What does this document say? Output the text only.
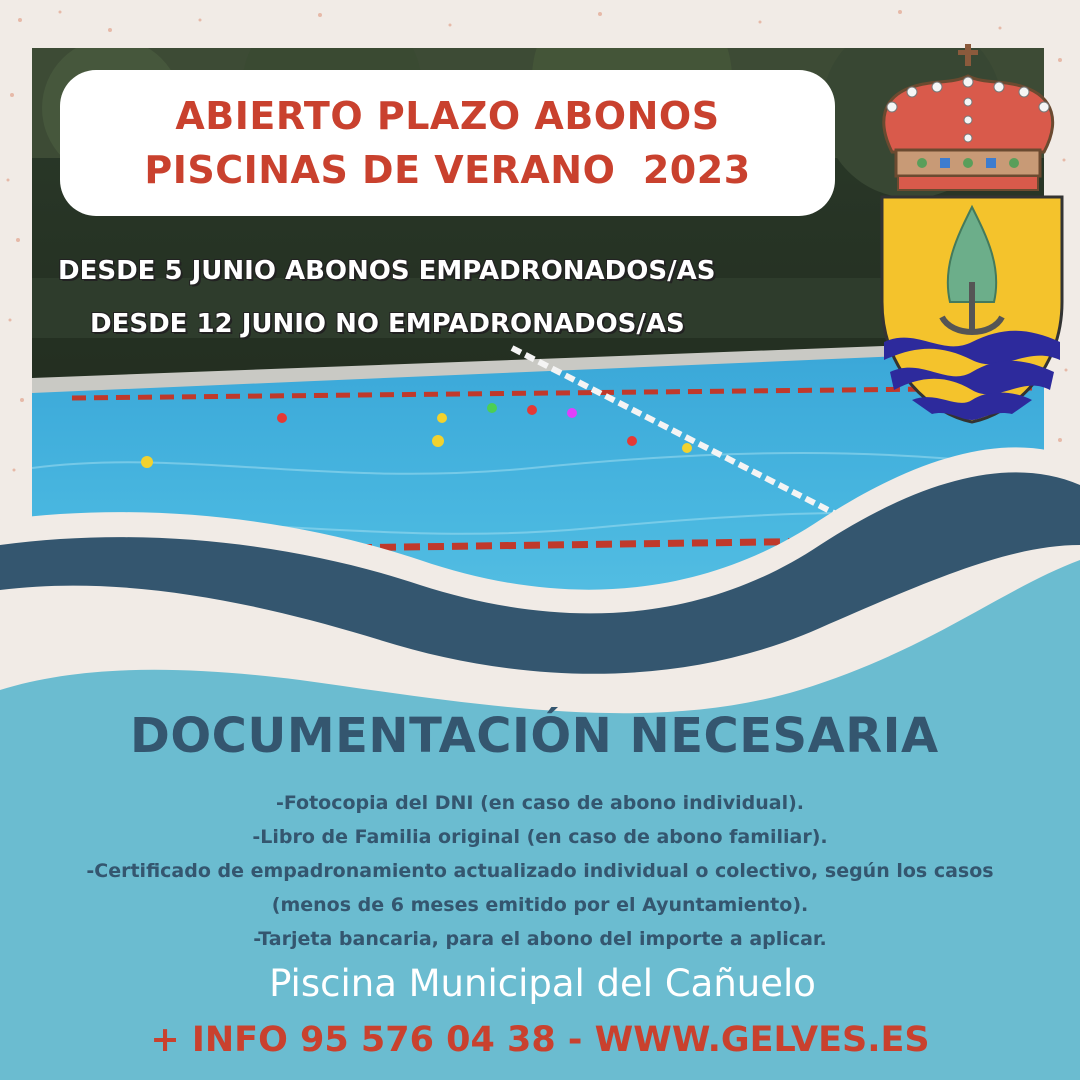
ABIERTO PLAZO ABONOS
PISCINAS DE VERANO  2023
DESDE 5 JUNIO ABONOS EMPADRONADOS/AS
DESDE 12 JUNIO NO EMPADRONADOS/AS
DOCUMENTACIÓN NECESARIA
-Fotocopia del DNI (en caso de abono individual).
-Libro de Familia original (en caso de abono familiar).
-Certificado de empadronamiento actualizado individual o colectivo, según los casos
(menos de 6 meses emitido por el Ayuntamiento).
-Tarjeta bancaria, para el abono del importe a aplicar.
Piscina Municipal del Cañuelo
+ INFO 95 576 04 38 - WWW.GELVES.ES
